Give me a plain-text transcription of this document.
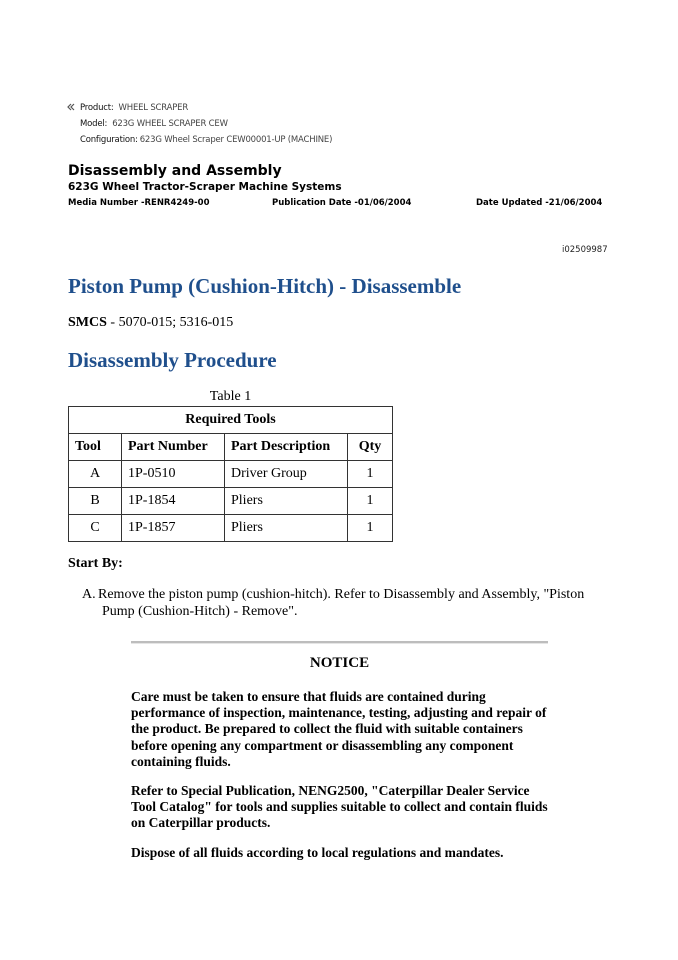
Product: WHEEL SCRAPER
Model: 623G WHEEL SCRAPER CEW
Configuration: 623G Wheel Scraper CEW00001-UP (MACHINE)
Disassembly and Assembly
623G Wheel Tractor-Scraper Machine Systems
Media Number -RENR4249-00	Publication Date -01/06/2004	Date Updated -21/06/2004
i02509987
Piston Pump (Cushion-Hitch) - Disassemble
SMCS - 5070-015; 5316-015
Disassembly Procedure
Table 1
Required Tools			
Tool	Part Number	Part Description	Qty
A	1P-0510	Driver Group	1
B	1P-1854	Pliers	1
C	1P-1857	Pliers	1
Start By:
A. Remove the piston pump (cushion-hitch). Refer to Disassembly and Assembly, "Piston Pump (Cushion-Hitch) - Remove".
NOTICE

Care must be taken to ensure that fluids are contained during performance of inspection, maintenance, testing, adjusting and repair of the product. Be prepared to collect the fluid with suitable containers before opening any compartment or disassembling any component containing fluids.

Refer to Special Publication, NENG2500, "Caterpillar Dealer Service Tool Catalog" for tools and supplies suitable to collect and contain fluids on Caterpillar products.

Dispose of all fluids according to local regulations and mandates.
